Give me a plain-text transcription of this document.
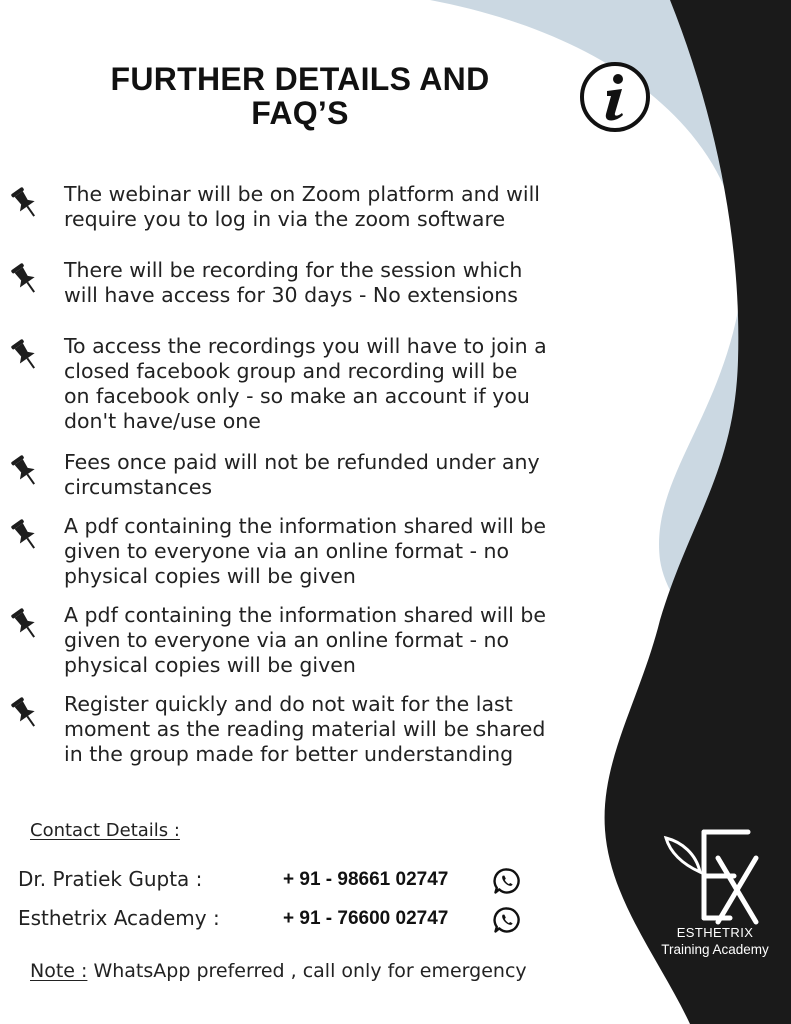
FURTHER DETAILS AND
FAQ’S
The webinar will be on Zoom platform and will
require you to log in via the zoom software
There will be recording for the session which
will have access for 30 days - No extensions
To access the recordings you will have to join a
closed facebook group and recording will be
on facebook only - so make an account if you
don't have/use one
Fees once paid will not be refunded under any
circumstances
A pdf containing the information shared will be
given to everyone via an online format - no
physical copies will be given
A pdf containing the information shared will be
given to everyone via an online format - no
physical copies will be given
Register quickly and do not wait for the last
moment as the reading material will be shared
in the group made for better understanding
Contact Details :
Dr. Pratiek Gupta :	+ 91 - 98661 02747
Esthetrix Academy :	+ 91 - 76600 02747
Note : WhatsApp preferred , call only for emergency
ESTHETRIX
Training Academy
